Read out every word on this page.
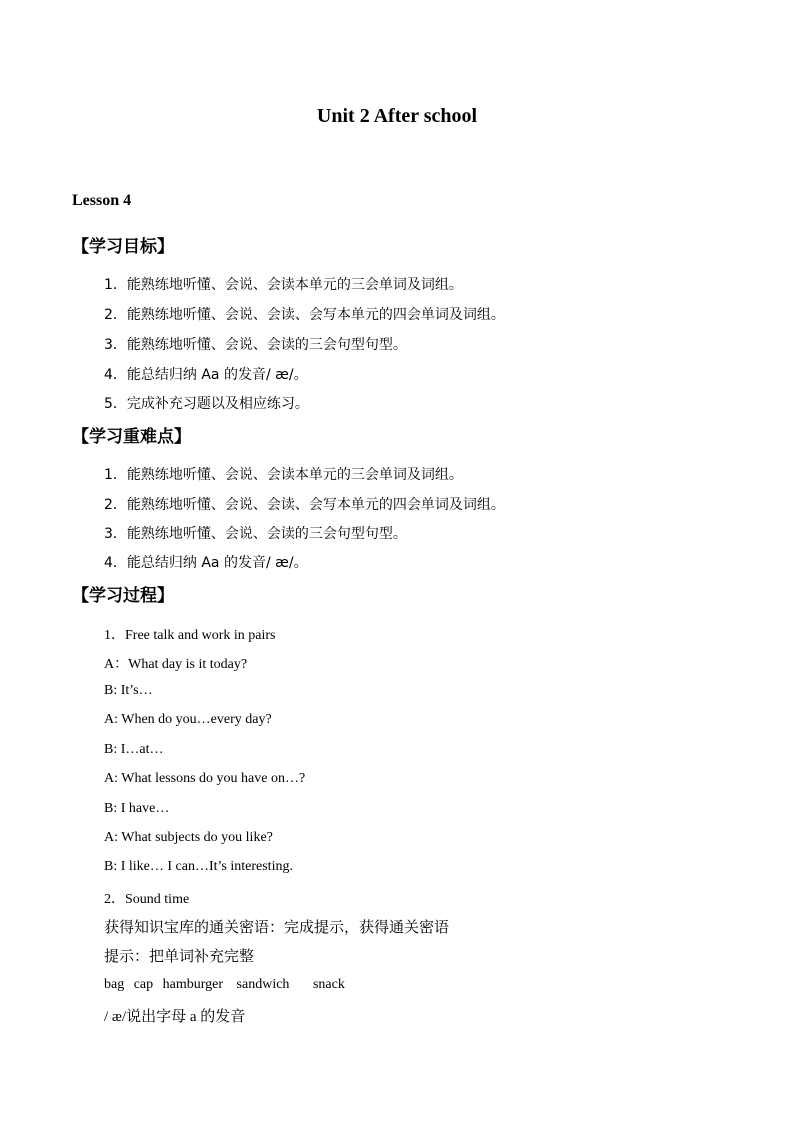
Unit 2 After school
Lesson 4
【学习目标】
1．能熟练地听懂、会说、会读本单元的三会单词及词组。
2．能熟练地听懂、会说、会读、会写本单元的四会单词及词组。
3．能熟练地听懂、会说、会读的三会句型句型。
4．能总结归纳 Aa 的发音/ æ/。
5．完成补充习题以及相应练习。
【学习重难点】
1．能熟练地听懂、会说、会读本单元的三会单词及词组。
2．能熟练地听懂、会说、会读、会写本单元的四会单词及词组。
3．能熟练地听懂、会说、会读的三会句型句型。
4．能总结归纳 Aa 的发音/ æ/。
【学习过程】
1．Free talk and work in pairs
A：What day is it today?
B: It’s…
A: When do you…every day?
B: I…at…
A: What lessons do you have on…?
B: I have…
A: What subjects do you like?
B: I like… I can…It’s interesting.
2．Sound time
获得知识宝库的通关密语：完成提示，获得通关密语
提示：把单词补充完整
bag cap hamburger sandwich snack
/ æ/说出字母 a 的发音
